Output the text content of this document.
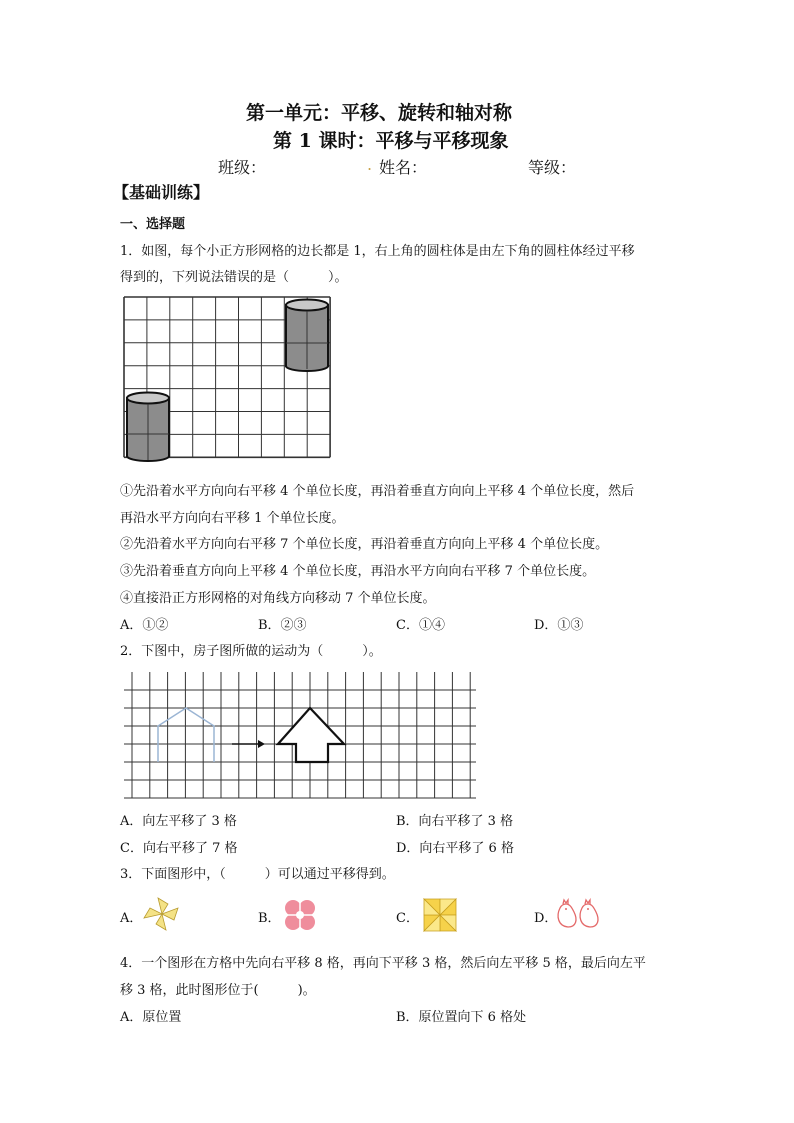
第一单元：平移、旋转和轴对称
第 1 课时：平移与平移现象
班级：	. 姓名：	等级：
【基础训练】
一、选择题
1．如图，每个小正方形网格的边长都是 1，右上角的圆柱体是由左下角的圆柱体经过平移
得到的，下列说法错误的是（　　　）。
①先沿着水平方向向右平移 4 个单位长度，再沿着垂直方向向上平移 4 个单位长度，然后
再沿水平方向向右平移 1 个单位长度。
②先沿着水平方向向右平移 7 个单位长度，再沿着垂直方向向上平移 4 个单位长度。
③先沿着垂直方向向上平移 4 个单位长度，再沿水平方向向右平移 7 个单位长度。
④直接沿正方形网格的对角线方向移动 7 个单位长度。
A．①②	B．②③	C．①④	D．①③
2．下图中，房子图所做的运动为（　　　）。
A．向左平移了 3 格	B．向右平移了 3 格
C．向右平移了 7 格	D．向右平移了 6 格
3．下面图形中，（　　　）可以通过平移得到。
A．	B．	C．	D．
4．一个图形在方格中先向右平移 8 格，再向下平移 3 格，然后向左平移 5 格，最后向左平
移 3 格，此时图形位于(　　　)。
A．原位置	B．原位置向下 6 格处
